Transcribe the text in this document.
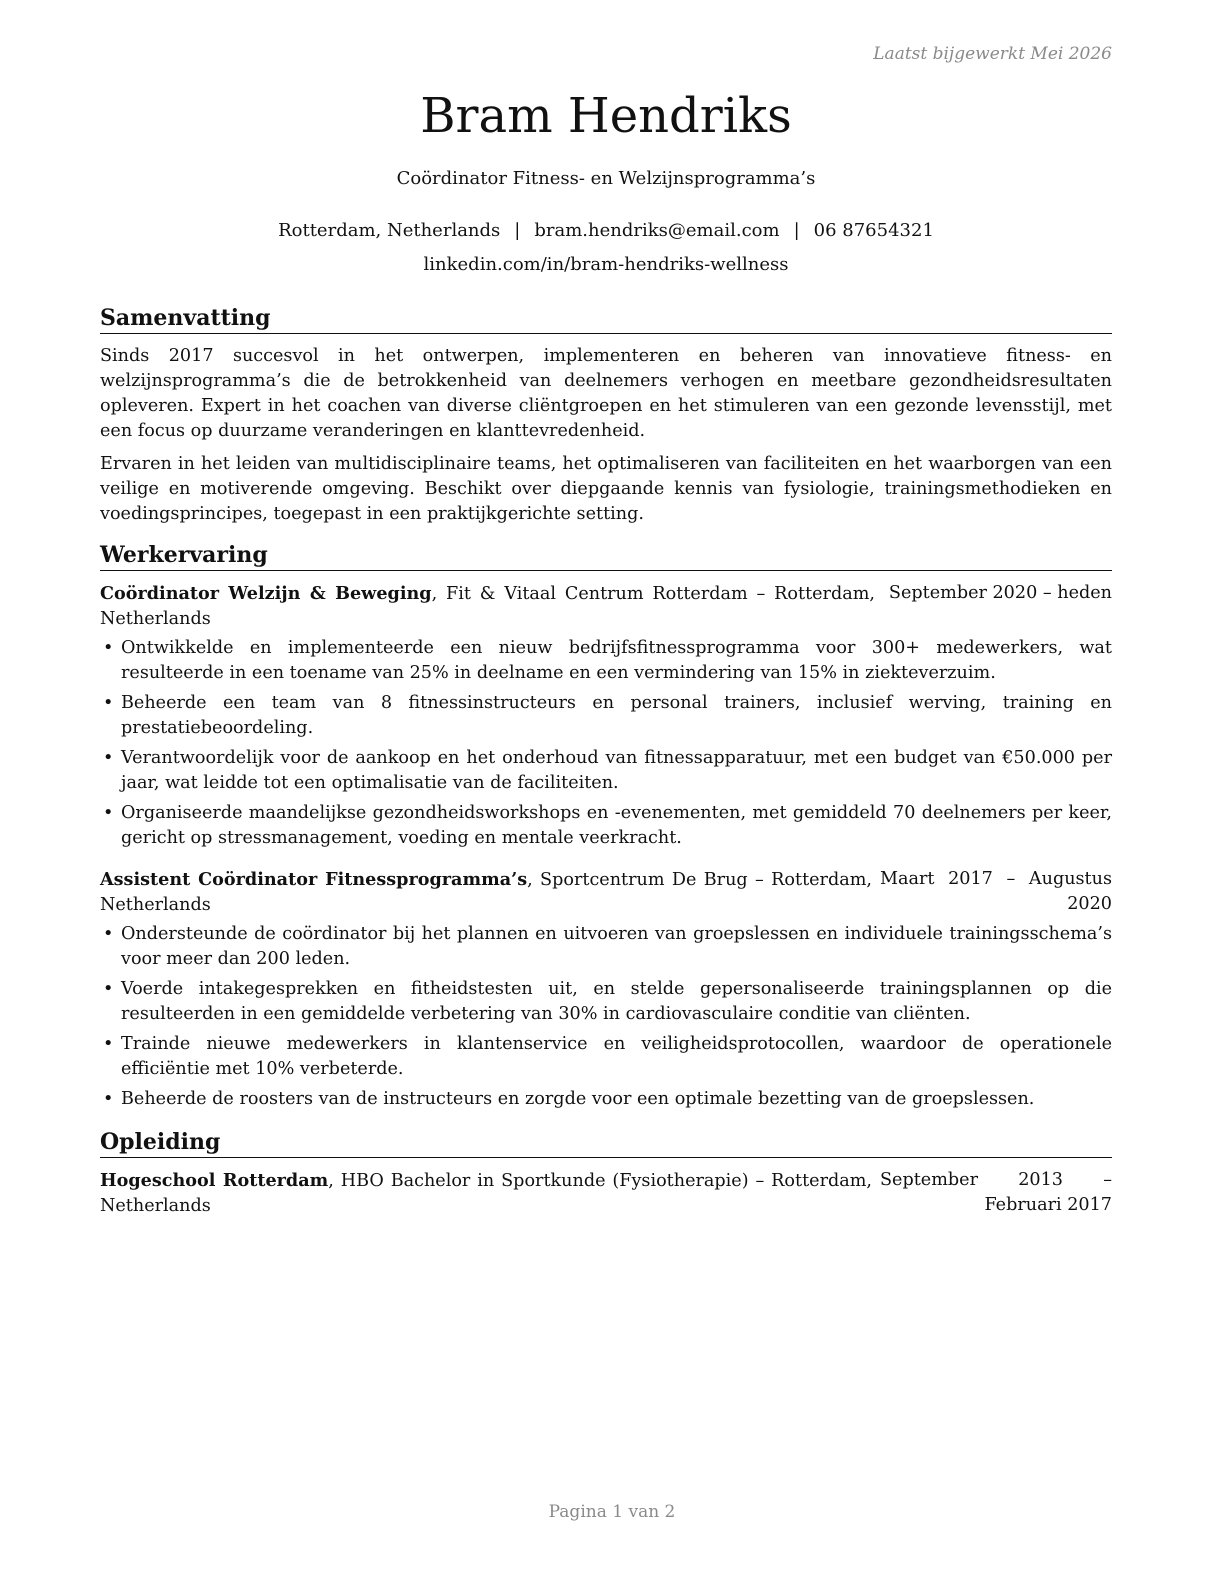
Laatst bijgewerkt Mei 2026
Bram Hendriks
Coördinator Fitness- en Welzijnsprogramma’s
Rotterdam, Netherlands | bram.hendriks@email.com | 06 87654321
linkedin.com/in/bram-hendriks-wellness
Samenvatting

Sinds 2017 succesvol in het ontwerpen, implementeren en beheren van innovatieve fitness- en welzijnsprogramma’s die de betrokkenheid van deelnemers verhogen en meetbare gezondheidsresultaten opleveren. Expert in het coachen van diverse cliëntgroepen en het stimuleren van een gezonde levensstijl, met een focus op duurzame veranderingen en klanttevredenheid.

Ervaren in het leiden van multidisciplinaire teams, het optimaliseren van faciliteiten en het waarborgen van een veilige en motiverende omgeving. Beschikt over diepgaande kennis van fysiologie, trainingsmethodieken en voedingsprincipes, toegepast in een praktijkgerichte setting.

Werkervaring
Coördinator Welzijn & Beweging, Fit & Vitaal Centrum Rotterdam – Rotterdam, Netherlands
September 2020 – heden
• Ontwikkelde en implementeerde een nieuw bedrijfsfitnessprogramma voor 300+ medewerkers, wat resulteerde in een toename van 25% in deelname en een vermindering van 15% in ziekteverzuim.
• Beheerde een team van 8 fitnessinstructeurs en personal trainers, inclusief werving, training en prestatiebeoordeling.
• Verantwoordelijk voor de aankoop en het onderhoud van fitnessapparatuur, met een budget van €50.000 per jaar, wat leidde tot een optimalisatie van de faciliteiten.
• Organiseerde maandelijkse gezondheidsworkshops en -evenementen, met gemiddeld 70 deelnemers per keer, gericht op stressmanagement, voeding en mentale veerkracht.
Assistent Coördinator Fitnessprogramma’s, Sportcentrum De Brug – Rotterdam, Netherlands
Maart 2017 – Augustus 2020
• Ondersteunde de coördinator bij het plannen en uitvoeren van groepslessen en individuele trainingsschema’s voor meer dan 200 leden.
• Voerde intakegesprekken en fitheidstesten uit, en stelde gepersonaliseerde trainingsplannen op die resulteerden in een gemiddelde verbetering van 30% in cardiovasculaire conditie van cliënten.
• Trainde nieuwe medewerkers in klantenservice en veiligheidsprotocollen, waardoor de operationele efficiëntie met 10% verbeterde.
• Beheerde de roosters van de instructeurs en zorgde voor een optimale bezetting van de groepslessen.
Opleiding
Hogeschool Rotterdam, HBO Bachelor in Sportkunde (Fysiotherapie) – Rotterdam, Netherlands
September 2013 – Februari 2017
Pagina 1 van 2
